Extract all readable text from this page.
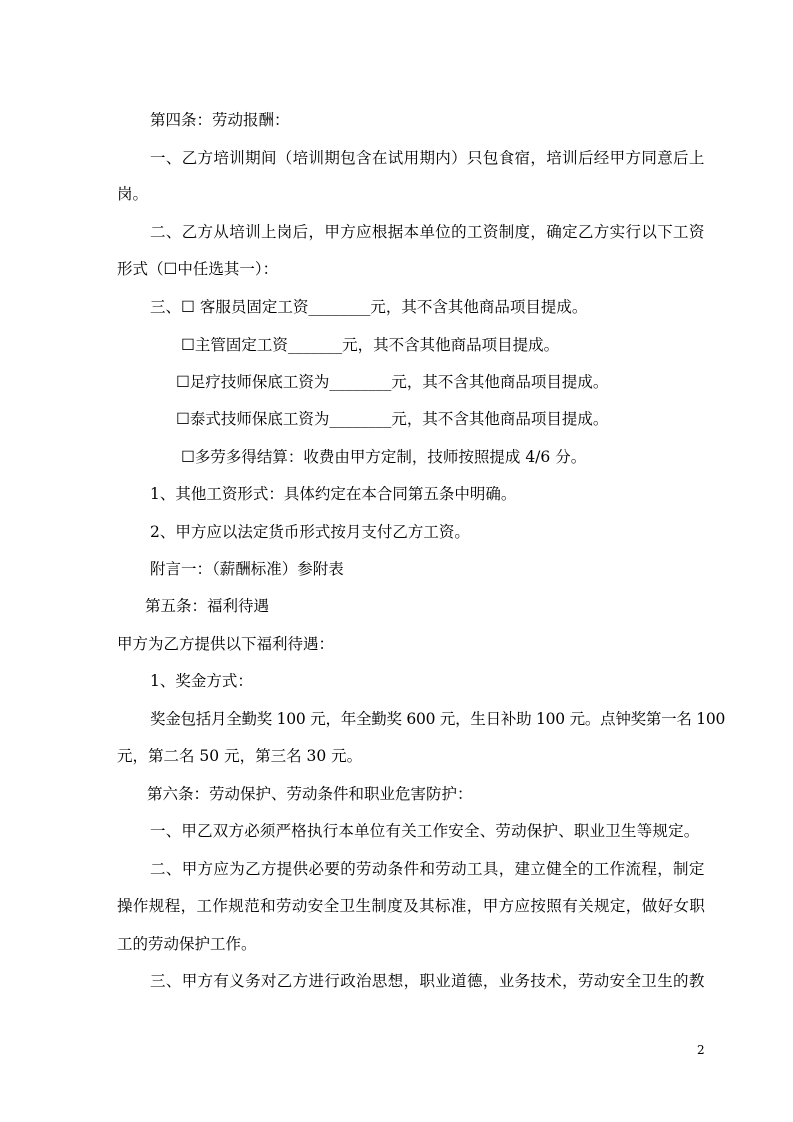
第四条：劳动报酬：
一、乙方培训期间（培训期包含在试用期内）只包食宿，培训后经甲方同意后上
岗。
二、乙方从培训上岗后，甲方应根据本单位的工资制度，确定乙方实行以下工资
形式（☐中任选其一）：
三、☐ 客服员固定工资________元，其不含其他商品项目提成。
☐主管固定工资_______元，其不含其他商品项目提成。
☐足疗技师保底工资为________元，其不含其他商品项目提成。
☐泰式技师保底工资为________元，其不含其他商品项目提成。
☐多劳多得结算：收费由甲方定制，技师按照提成 4/6 分。
1、其他工资形式：具体约定在本合同第五条中明确。
2、甲方应以法定货币形式按月支付乙方工资。
附言一：（薪酬标准）参附表
第五条：福利待遇
甲方为乙方提供以下福利待遇：
1、奖金方式：
奖金包括月全勤奖 100 元，年全勤奖 600 元，生日补助 100 元。点钟奖第一名 100
元，第二名 50 元，第三名 30 元。
第六条：劳动保护、劳动条件和职业危害防护：
一、甲乙双方必须严格执行本单位有关工作安全、劳动保护、职业卫生等规定。
二、甲方应为乙方提供必要的劳动条件和劳动工具，建立健全的工作流程，制定
操作规程，工作规范和劳动安全卫生制度及其标准，甲方应按照有关规定，做好女职
工的劳动保护工作。
三、甲方有义务对乙方进行政治思想，职业道德，业务技术，劳动安全卫生的教
2
